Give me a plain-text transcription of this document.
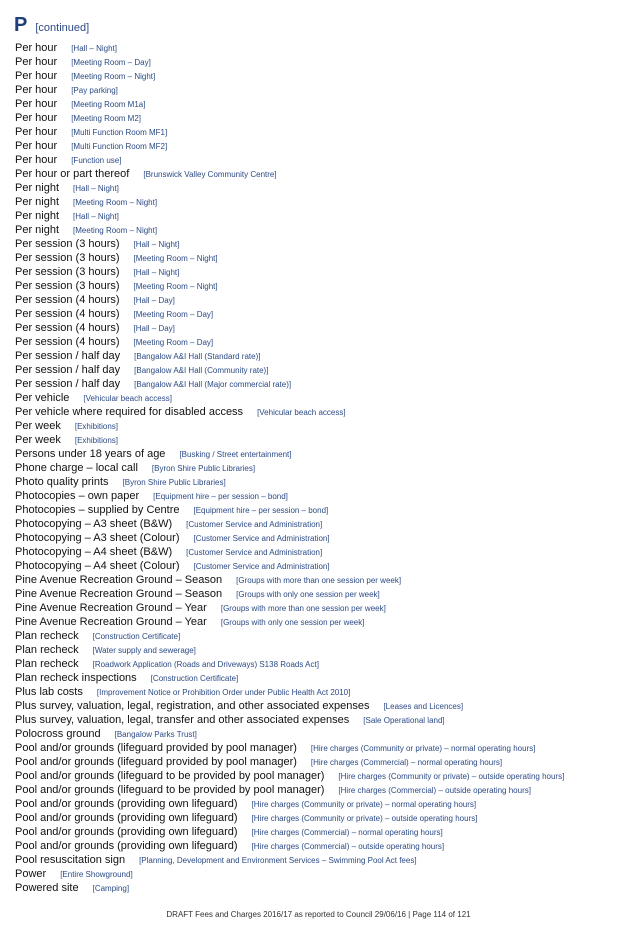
P [continued]
Per hour [Hall – Night]
Per hour [Meeting Room – Day]
Per hour [Meeting Room – Night]
Per hour [Pay parking]
Per hour [Meeting Room M1a]
Per hour [Meeting Room M2]
Per hour [Multi Function Room MF1]
Per hour [Multi Function Room MF2]
Per hour [Function use]
Per hour or part thereof [Brunswick Valley Community Centre]
Per night [Hall – Night]
Per night [Meeting Room – Night]
Per night [Hall – Night]
Per night [Meeting Room – Night]
Per session (3 hours) [Hall – Night]
Per session (3 hours) [Meeting Room – Night]
Per session (3 hours) [Hall – Night]
Per session (3 hours) [Meeting Room – Night]
Per session (4 hours) [Hall – Day]
Per session (4 hours) [Meeting Room – Day]
Per session (4 hours) [Hall – Day]
Per session (4 hours) [Meeting Room – Day]
Per session / half day [Bangalow A&I Hall (Standard rate)]
Per session / half day [Bangalow A&I Hall (Community rate)]
Per session / half day [Bangalow A&I Hall (Major commercial rate)]
Per vehicle [Vehicular beach access]
Per vehicle where required for disabled access [Vehicular beach access]
Per week [Exhibitions]
Per week [Exhibitions]
Persons under 18 years of age [Busking / Street entertainment]
Phone charge – local call [Byron Shire Public Libraries]
Photo quality prints [Byron Shire Public Libraries]
Photocopies – own paper [Equipment hire – per session – bond]
Photocopies – supplied by Centre [Equipment hire – per session – bond]
Photocopying – A3 sheet (B&W) [Customer Service and Administration]
Photocopying – A3 sheet (Colour) [Customer Service and Administration]
Photocopying – A4 sheet (B&W) [Customer Service and Administration]
Photocopying – A4 sheet (Colour) [Customer Service and Administration]
Pine Avenue Recreation Ground – Season [Groups with more than one session per week]
Pine Avenue Recreation Ground – Season [Groups with only one session per week]
Pine Avenue Recreation Ground – Year [Groups with more than one session per week]
Pine Avenue Recreation Ground – Year [Groups with only one session per week]
Plan recheck [Construction Certificate]
Plan recheck [Water supply and sewerage]
Plan recheck [Roadwork Application (Roads and Driveways) S138 Roads Act]
Plan recheck inspections [Construction Certificate]
Plus lab costs [Improvement Notice or Prohibition Order under Public Health Act 2010]
Plus survey, valuation, legal, registration, and other associated expenses [Leases and Licences]
Plus survey, valuation, legal, transfer and other associated expenses [Sale Operational land]
Polocross ground [Bangalow Parks Trust]
Pool and/or grounds (lifeguard provided by pool manager) [Hire charges (Community or private) – normal operating hours]
Pool and/or grounds (lifeguard provided by pool manager) [Hire charges (Commercial) – normal operating hours]
Pool and/or grounds (lifeguard to be provided by pool manager) [Hire charges (Community or private) – outside operating hours]
Pool and/or grounds (lifeguard to be provided by pool manager) [Hire charges (Commercial) – outside operating hours]
Pool and/or grounds (providing own lifeguard) [Hire charges (Community or private) – normal operating hours]
Pool and/or grounds (providing own lifeguard) [Hire charges (Community or private) – outside operating hours]
Pool and/or grounds (providing own lifeguard) [Hire charges (Commercial) – normal operating hours]
Pool and/or grounds (providing own lifeguard) [Hire charges (Commercial) – outside operating hours]
Pool resuscitation sign [Planning, Development and Environment Services – Swimming Pool Act fees]
Power [Entire Showground]
Powered site [Camping]
DRAFT Fees and Charges 2016/17 as reported to Council 29/06/16 | Page 114 of 121
